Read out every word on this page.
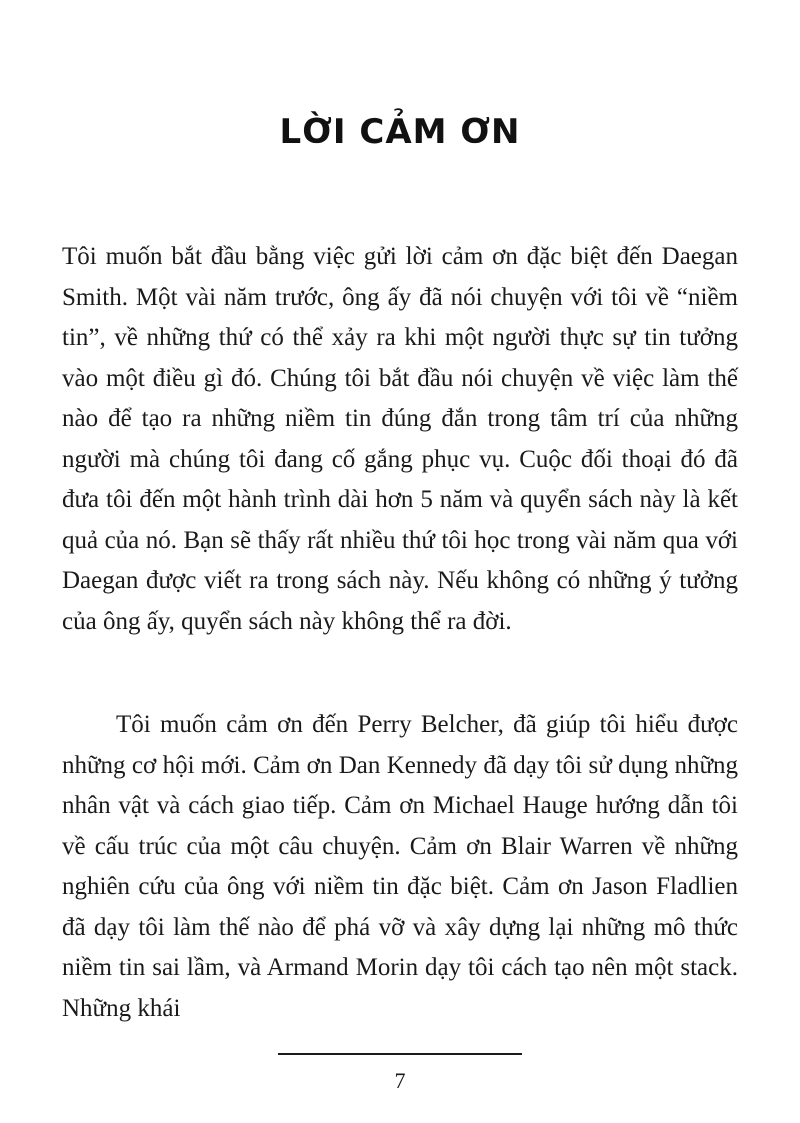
LỜI CẢM ƠN

Tôi muốn bắt đầu bằng việc gửi lời cảm ơn đặc biệt đến Daegan Smith. Một vài năm trước, ông ấy đã nói chuyện với tôi về “niềm tin”, về những thứ có thể xảy ra khi một người thực sự tin tưởng vào một điều gì đó. Chúng tôi bắt đầu nói chuyện về việc làm thế nào để tạo ra những niềm tin đúng đắn trong tâm trí của những người mà chúng tôi đang cố gắng phục vụ. Cuộc đối thoại đó đã đưa tôi đến một hành trình dài hơn 5 năm và quyển sách này là kết quả của nó. Bạn sẽ thấy rất nhiều thứ tôi học trong vài năm qua với Daegan được viết ra trong sách này. Nếu không có những ý tưởng của ông ấy, quyển sách này không thể ra đời.

Tôi muốn cảm ơn đến Perry Belcher, đã giúp tôi hiểu được những cơ hội mới. Cảm ơn Dan Kennedy đã dạy tôi sử dụng những nhân vật và cách giao tiếp. Cảm ơn Michael Hauge hướng dẫn tôi về cấu trúc của một câu chuyện. Cảm ơn Blair Warren về những nghiên cứu của ông với niềm tin đặc biệt. Cảm ơn Jason Fladlien đã dạy tôi làm thế nào để phá vỡ và xây dựng lại những mô thức niềm tin sai lầm, và Armand Morin dạy tôi cách tạo nên một stack. Những khái

7
